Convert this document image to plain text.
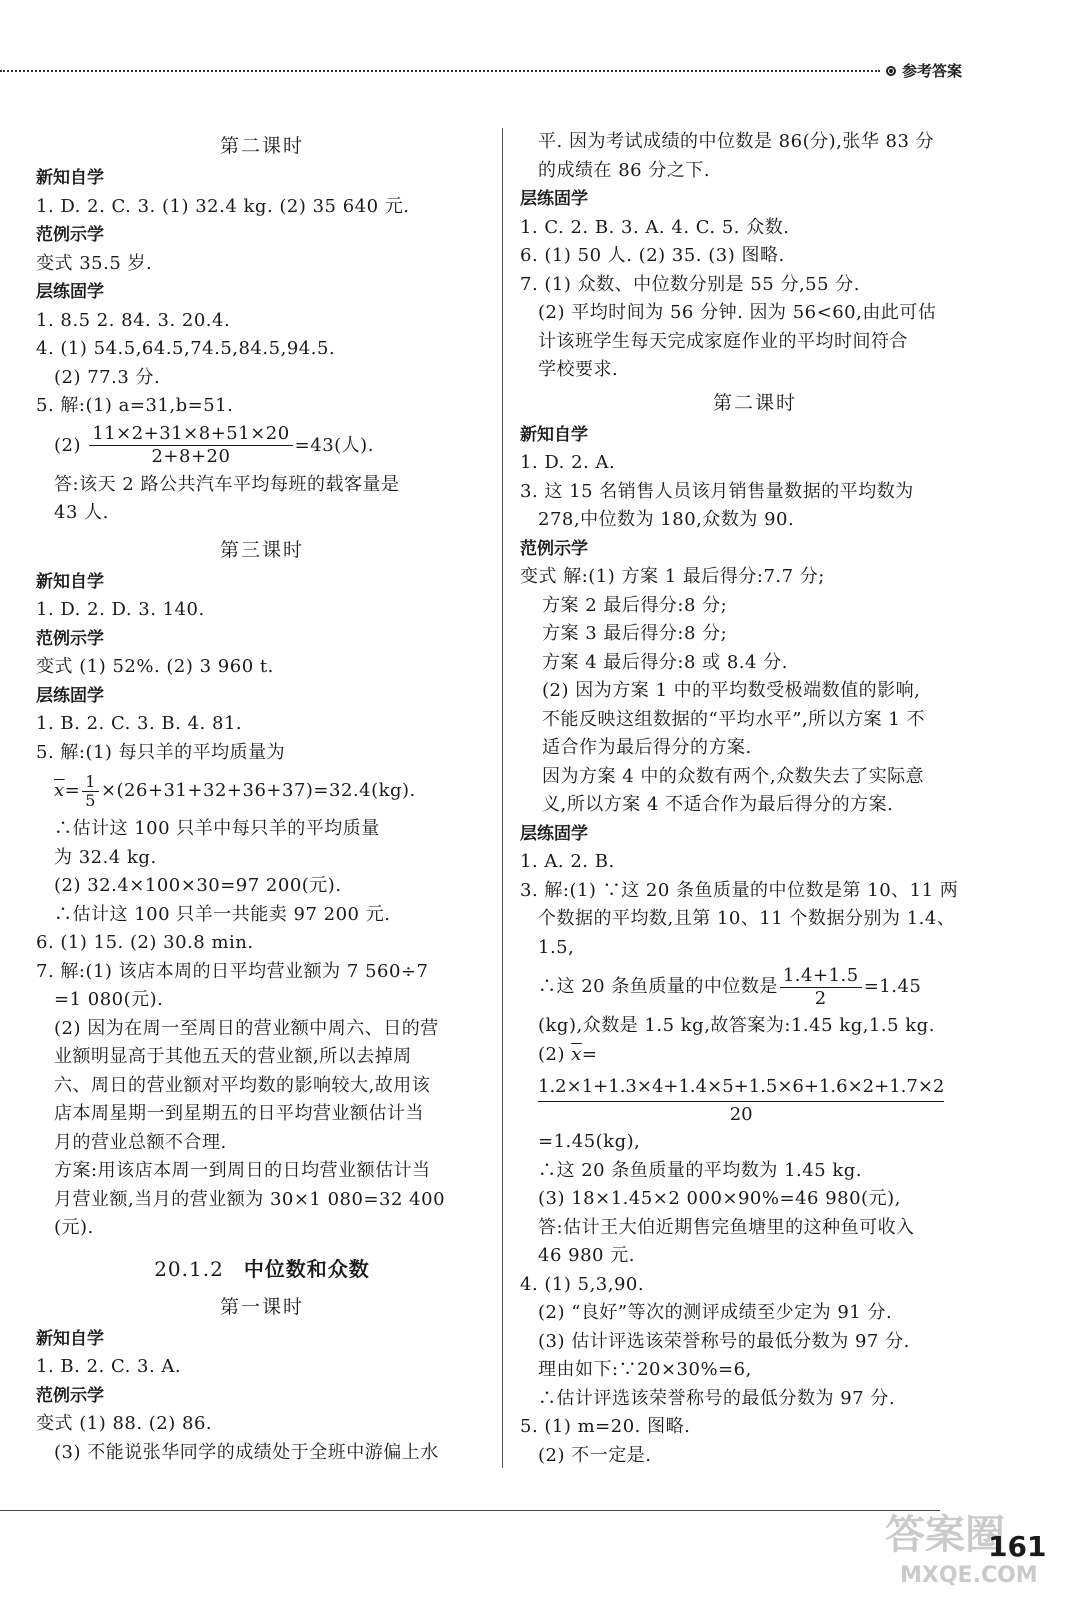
参考答案
第二课时
新知自学
1. D. 2. C. 3. (1) 32.4 kg. (2) 35 640 元.
范例示学
变式 35.5 岁.
层练固学
1. 8.5 2. 84. 3. 20.4.
4. (1) 54.5,64.5,74.5,84.5,94.5.
(2) 77.3 分.
5. 解:(1) a=31,b=51.
$(2) \frac{11\times 2+31\times 8+51\times 20}{2+8+20} =43$(人).
答:该天 2 路公共汽车平均每班的载客量是
43 人.
第三课时
新知自学
1. D. 2. D. 3. 140.
范例示学
变式 (1) 52%. (2) 3 960 t.
层练固学
1. B. 2. C. 3. B. 4. 81.
5. 解:(1) 每只羊的平均质量为
$\overline{x}= \frac{1}{5} \times(26+31+32+36+37)=32.4(kg)$.
∴估计这 100 只羊中每只羊的平均质量
为 32.4 kg.
(2) 32.4×100×30=97 200(元).
∴估计这 100 只羊一共能卖 97 200 元.
6. (1) 15. (2) 30.8 min.
7. 解:(1) 该店本周的日平均营业额为 7 560÷7
=1 080(元).
(2) 因为在周一至周日的营业额中周六、日的营
业额明显高于其他五天的营业额,所以去掉周
六、周日的营业额对平均数的影响较大,故用该
店本周星期一到星期五的日平均营业额估计当
月的营业总额不合理.
方案:用该店本周一到周日的日均营业额估计当
月营业额,当月的营业额为 30×1 080=32 400
(元).
20.1.2 中位数和众数
第一课时
新知自学
1. B. 2. C. 3. A.
范例示学
变式 (1) 88. (2) 86.
(3) 不能说张华同学的成绩处于全班中游偏上水
平. 因为考试成绩的中位数是 86(分),张华 83 分
的成绩在 86 分之下.
层练固学
1. C. 2. B. 3. A. 4. C. 5. 众数.
6. (1) 50 人. (2) 35. (3) 图略.
7. (1) 众数、中位数分别是 55 分,55 分.
(2) 平均时间为 56 分钟. 因为 56<60,由此可估
计该班学生每天完成家庭作业的平均时间符合
学校要求.
第二课时
新知自学
1. D. 2. A.
3. 这 15 名销售人员该月销售量数据的平均数为
278,中位数为 180,众数为 90.
范例示学
变式 解:(1) 方案 1 最后得分:7.7 分;
方案 2 最后得分:8 分;
方案 3 最后得分:8 分;
方案 4 最后得分:8 或 8.4 分.
(2) 因为方案 1 中的平均数受极端数值的影响,
不能反映这组数据的“平均水平”,所以方案 1 不
适合作为最后得分的方案.
因为方案 4 中的众数有两个,众数失去了实际意
义,所以方案 4 不适合作为最后得分的方案.
层练固学
1. A. 2. B.
3. 解:(1) ∵这 20 条鱼质量的中位数是第 10、11 两
个数据的平均数,且第 10、11 个数据分别为 1.4、
1.5,
∴这 20 条鱼质量的中位数是 $\frac{1.4+1.5}{2} =1.45$
(kg),众数是 1.5 kg,故答案为:1.45 kg,1.5 kg.
(2) $\overline{x}=$
$\frac{1.2\times 1+1.3\times 4+1.4\times 5+1.5\times 6+1.6\times 2+1.7\times 2}{20}$
=1.45(kg),
∴这 20 条鱼质量的平均数为 1.45 kg.
(3) 18×1.45×2 000×90%=46 980(元),
答:估计王大伯近期售完鱼塘里的这种鱼可收入
46 980 元.
4. (1) 5,3,90.
(2) “良好”等次的测评成绩至少定为 91 分.
(3) 估计评选该荣誉称号的最低分数为 97 分.
理由如下:∵20×30%=6,
∴估计评选该荣誉称号的最低分数为 97 分.
5. (1) m=20. 图略.
(2) 不一定是.
答案圈
MXQE.COM
161
